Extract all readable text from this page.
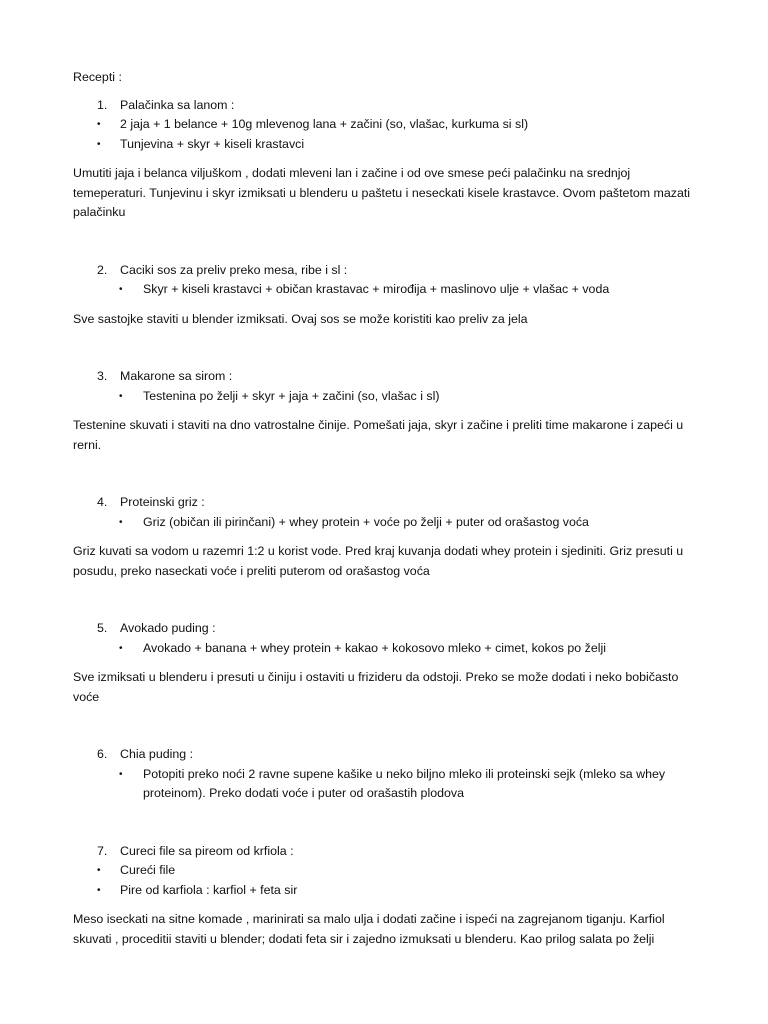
Recepti :

1.	Palačinka sa lanom :
• 2 jaja + 1 belance + 10g mlevenog lana + začini (so, vlašac, kurkuma si sl)
• Tunjevina + skyr + kiseli krastavci

Umutiti jaja i belanca viljuškom , dodati mleveni lan i začine i od ove smese peći palačinku na srednjoj temeperaturi. Tunjevinu i skyr izmiksati u blenderu u paštetu i neseckati kisele krastavce. Ovom paštetom mazati palačinku

2.	Caciki sos za preliv preko mesa, ribe i sl :
• Skyr + kiseli krastavci + običan krastavac + mirođija + maslinovo ulje + vlašac + voda

Sve sastojke staviti u blender izmiksati. Ovaj sos se može koristiti kao preliv za jela

3.	Makarone sa sirom :
• Testenina po želji + skyr + jaja + začini (so, vlašac i sl)

Testenine skuvati i staviti na dno vatrostalne činije. Pomešati jaja, skyr i začine i preliti time makarone i zapeći u rerni.

4.	Proteinski griz :
• Griz (običan ili pirinčani) + whey protein + voće po želji + puter od orašastog voća

Griz kuvati sa vodom u razemri 1:2 u korist vode. Pred kraj kuvanja dodati whey protein i sjediniti. Griz presuti u posudu, preko naseckati voće i preliti puterom od orašastog voća

5.	Avokado puding :
• Avokado + banana + whey protein + kakao + kokosovo mleko + cimet, kokos po želji

Sve izmiksati u blenderu i presuti u činiju i ostaviti u frizideru da odstoji. Preko se može dodati i neko bobičasto voće

6.	Chia puding :
• Potopiti preko noći 2 ravne supene kašike u neko biljno mleko ili proteinski sejk (mleko sa whey proteinom). Preko dodati voće i puter od orašastih plodova
7.	Cureci file sa pireom od krfiola :
• Cureći file
• Pire od karfiola : karfiol + feta sir

Meso iseckati na sitne komade , marinirati sa malo ulja i dodati začine i ispeći na zagrejanom tiganju. Karfiol skuvati , proceditii staviti u blender; dodati feta sir i zajedno izmuksati u blenderu. Kao prilog salata po želji
